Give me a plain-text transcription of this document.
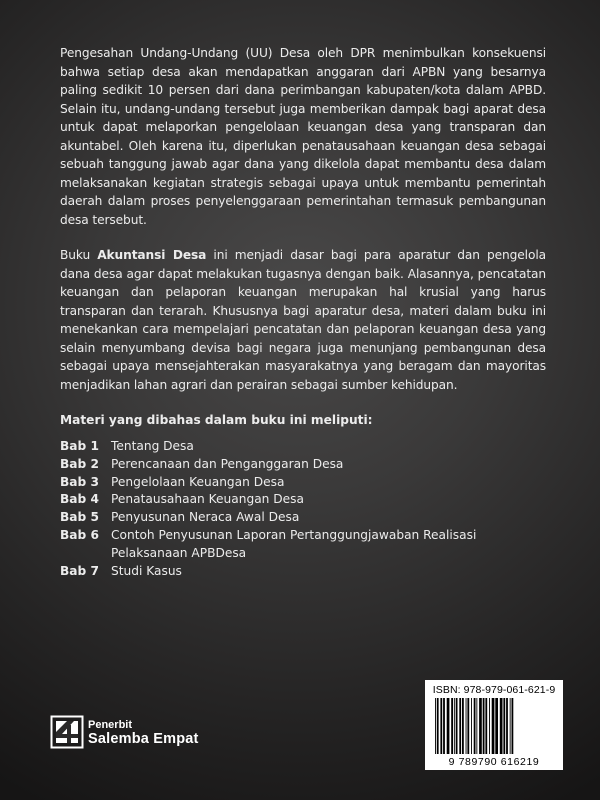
Pengesahan Undang-Undang (UU) Desa oleh DPR menimbulkan konsekuensi bahwa setiap desa akan mendapatkan anggaran dari APBN yang besarnya paling sedikit 10 persen dari dana perimbangan kabupaten/kota dalam APBD. Selain itu, undang-undang tersebut juga memberikan dampak bagi aparat desa untuk dapat melaporkan pengelolaan keuangan desa yang transparan dan akuntabel. Oleh karena itu, diperlukan penatausahaan keuangan desa sebagai sebuah tanggung jawab agar dana yang dikelola dapat membantu desa dalam melaksanakan kegiatan strategis sebagai upaya untuk membantu pemerintah daerah dalam proses penyelenggaraan pemerintahan termasuk pembangunan desa tersebut.

Buku Akuntansi Desa ini menjadi dasar bagi para aparatur dan pengelola dana desa agar dapat melakukan tugasnya dengan baik. Alasannya, pencatatan keuangan dan pelaporan keuangan merupakan hal krusial yang harus transparan dan terarah. Khususnya bagi aparatur desa, materi dalam buku ini menekankan cara mempelajari pencatatan dan pelaporan keuangan desa yang selain menyumbang devisa bagi negara juga menunjang pembangunan desa sebagai upaya mensejahterakan masyarakatnya yang beragam dan mayoritas menjadikan lahan agrari dan perairan sebagai sumber kehidupan.

Materi yang dibahas dalam buku ini meliputi:
Bab 1 Tentang Desa
Bab 2 Perencanaan dan Penganggaran Desa
Bab 3 Pengelolaan Keuangan Desa
Bab 4 Penatausahaan Keuangan Desa
Bab 5 Penyusunan Neraca Awal Desa
Bab 6 Contoh Penyusunan Laporan Pertanggungjawaban Realisasi Pelaksanaan APBDesa
Bab 7 Studi Kasus
Penerbit
Salemba Empat
ISBN: 978-979-061-621-9
9 789790 616219
